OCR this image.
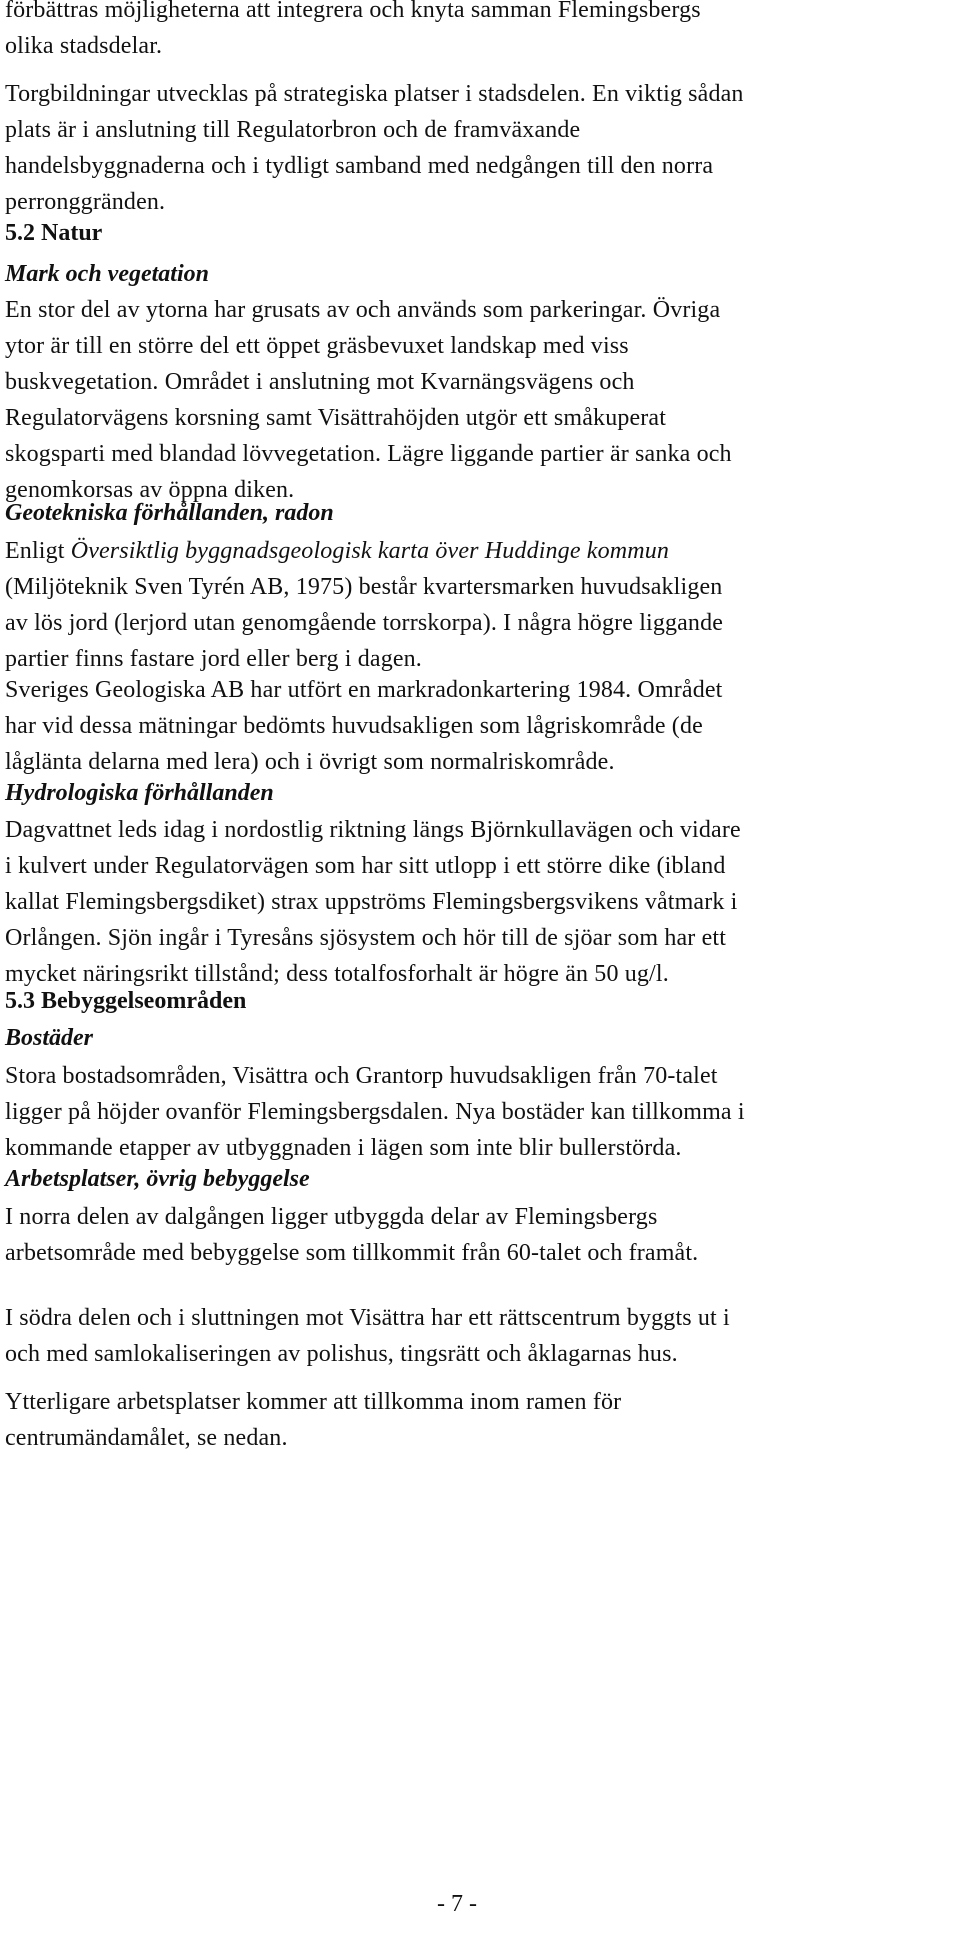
förbättras möjligheterna att integrera och knyta samman Flemingsbergs
olika stadsdelar.
Torgbildningar utvecklas på strategiska platser i stadsdelen. En viktig sådan
plats är i anslutning till Regulatorbron och de framväxande
handelsbyggnaderna och i tydligt samband med nedgången till den norra
perronggränden.
5.2 Natur
Mark och vegetation
En stor del av ytorna har grusats av och används som parkeringar. Övriga
ytor är till en större del ett öppet gräsbevuxet landskap med viss
buskvegetation. Området i anslutning mot Kvarnängsvägens och
Regulatorvägens korsning samt Visättrahöjden utgör ett småkuperat
skogsparti med blandad lövvegetation. Lägre liggande partier är sanka och
genomkorsas av öppna diken.
Geotekniska förhållanden, radon
Enligt Översiktlig byggnadsgeologisk karta över Huddinge kommun
(Miljöteknik Sven Tyrén AB, 1975) består kvartersmarken huvudsakligen
av lös jord (lerjord utan genomgående torrskorpa). I några högre liggande
partier finns fastare jord eller berg i dagen.
Sveriges Geologiska AB har utfört en markradonkartering 1984. Området
har vid dessa mätningar bedömts huvudsakligen som lågriskområde (de
låglänta delarna med lera) och i övrigt som normalriskområde.
Hydrologiska förhållanden
Dagvattnet leds idag i nordostlig riktning längs Björnkullavägen och vidare
i kulvert under Regulatorvägen som har sitt utlopp i ett större dike (ibland
kallat Flemingsbergsdiket) strax uppströms Flemingsbergsvikens våtmark i
Orlången. Sjön ingår i Tyresåns sjösystem och hör till de sjöar som har ett
mycket näringsrikt tillstånd; dess totalfosforhalt är högre än 50 ug/l.
5.3 Bebyggelseområden
Bostäder
Stora bostadsområden, Visättra och Grantorp huvudsakligen från 70-talet
ligger på höjder ovanför Flemingsbergsdalen. Nya bostäder kan tillkomma i
kommande etapper av utbyggnaden i lägen som inte blir bullerstörda.
Arbetsplatser, övrig bebyggelse
I norra delen av dalgången ligger utbyggda delar av Flemingsbergs
arbetsområde med bebyggelse som tillkommit från 60-talet och framåt.
I södra delen och i sluttningen mot Visättra har ett rättscentrum byggts ut i
och med samlokaliseringen av polishus, tingsrätt och åklagarnas hus.
Ytterligare arbetsplatser kommer att tillkomma inom ramen för
centrumändamålet, se nedan.
- 7 -
